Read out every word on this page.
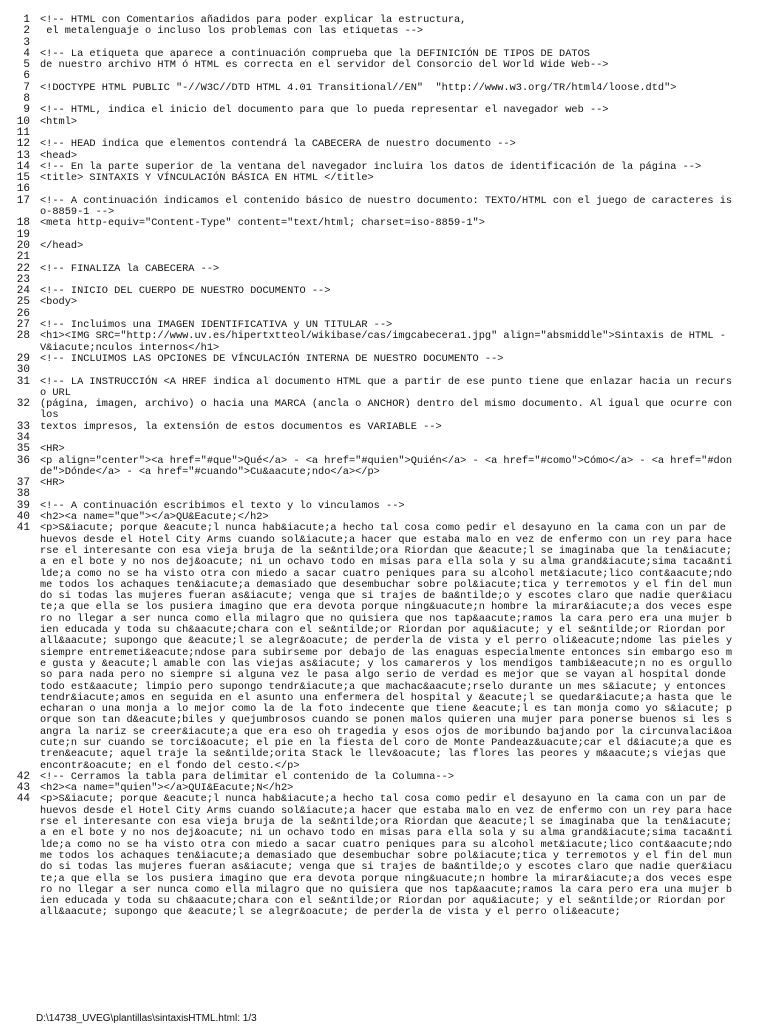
1 <!-- HTML con Comentarios añadidos para poder explicar la estructura,
2 el metalenguaje o incluso los problemas con las etiquetas -->
3
4 <!-- La etiqueta que aparece a continuación comprueba que la DEFINICIÓN DE TIPOS DE DATOS
5 de nuestro archivo HTM ó HTML es correcta en el servidor del Consorcio del World Wide Web-->
6
7 <!DOCTYPE HTML PUBLIC "-//W3C//DTD HTML 4.01 Transitional//EN"  "http://www.w3.org/TR/html4/loose.dtd">
8
9 <!-- HTML, indica el inicio del documento para que lo pueda representar el navegador web -->
10 <html>
11
12 <!-- HEAD indica que elementos contendrá la CABECERA de nuestro documento -->
13 <head>
14 <!-- En la parte superior de la ventana del navegador incluira los datos de identificación de la página -->
15 <title> SINTAXIS Y VÍNCULACIÓN BÁSICA EN HTML </title>
16
17 <!-- A continuación indicamos el contenido básico de nuestro documento: TEXTO/HTML con el juego de caracteres iso-8859-1 -->
18 <meta http-equiv="Content-Type" content="text/html; charset=iso-8859-1">
19
20 </head>
21
22 <!-- FINALIZA la CABECERA -->
23
24 <!-- INICIO DEL CUERPO DE NUESTRO DOCUMENTO -->
25 <body>
26
27 <!-- Incluimos una IMAGEN IDENTIFICATIVA y UN TITULAR -->
28 <h1><IMG SRC="http://www.uv.es/hipertxtteol/wikibase/cas/imgcabecera1.jpg" align="absmiddle">Sintaxis de HTML - V&iacute;nculos internos</h1>
29 <!-- INCLUIMOS LAS OPCIONES DE VÍNCULACIÓN INTERNA DE NUESTRO DOCUMENTO -->
30
31 <!-- LA INSTRUCCIÓN <A HREF indica al documento HTML que a partir de ese punto tiene que enlazar hacia un recurso URL
32 (página, imagen, archivo) o hacia una MARCA (ancla o ANCHOR) dentro del mismo documento. Al igual que ocurre con los
33 textos impresos, la extensión de estos documentos es VARIABLE -->
34
35 <HR>
36 <p align="center"><a href="#que">Qué</a> - <a href="#quien">Quién</a> - <a href="#como">Cómo</a> - <a href="#donde">Dónde</a> - <a href="#cuando">Cu&aacute;ndo</a></p>
37 <HR>
38
39 <!-- A continuación escribimos el texto y lo vinculamos -->
40 <h2><a name="que"></a>QU&Eacute;</h2>
41 <p>S&iacute; porque &eacute;l nunca hab&iacute;a hecho tal cosa como pedir el desayuno en la cama con un par de huevos desde el Hotel City Arms cuando sol&iacute;a hacer que estaba malo en vez de enfermo con un rey para hacerse el interesante con esa vieja bruja de la se&ntilde;ora Riordan que &eacute;l se imaginaba que la ten&iacute;a en el bote y no nos dej&oacute; ni un ochavo todo en misas para ella sola y su alma grand&iacute;sima taca&ntilde;a como no se ha visto otra con miedo a sacar cuatro peniques para su alcohol met&iacute;lico cont&aacute;ndome todos los achaques ten&iacute;a demasiado que desembuchar sobre pol&iacute;tica y terremotos y el fin del mundo si todas las mujeres fueran as&iacute; venga que si trajes de ba&ntilde;o y escotes claro que nadie quer&iacute;a que ella se los pusiera imagino que era devota porque ning&uacute;n hombre la mirar&iacute;a dos veces espero no llegar a ser nunca como ella milagro que no quisiera que nos tap&aacute;ramos la cara pero era una mujer bien educada y toda su ch&aacute;chara con el se&ntilde;or Riordan por aqu&iacute; y el se&ntilde;or Riordan por all&aacute; supongo que &eacute;l se alegr&oacute; de perderla de vista y el perro oli&eacute;ndome las pieles y siempre entremeti&eacute;ndose para subirseme por debajo de las enaguas especialmente entonces sin embargo eso me gusta y &eacute;l amable con las viejas as&iacute; y los camareros y los mendigos tambi&eacute;n no es orgulloso para nada pero no siempre si alguna vez le pasa algo serio de verdad es mejor que se vayan al hospital donde todo est&aacute; limpio pero supongo tendr&iacute;a que machac&aacute;rselo durante un mes s&iacute; y entonces tendr&iacute;amos en seguida en el asunto una enfermera del hospital y &eacute;l se quedar&iacute;a hasta que le echaran o una monja a lo mejor como la de la foto indecente que tiene &eacute;l es tan monja como yo s&iacute; porque son tan d&eacute;biles y quejumbrosos cuando se ponen malos quieren una mujer para ponerse buenos si les sangra la nariz se creer&iacute;a que era eso oh tragedia y esos ojos de moribundo bajando por la circunvalaci&oacute;n sur cuando se torci&oacute; el pie en la fiesta del coro de Monte Pandeaz&uacute;car el d&iacute;a que estren&eacute; aquel traje la se&ntilde;orita Stack le llev&oacute; las flores las peores y m&aacute;s viejas que encontr&oacute; en el fondo del cesto.</p>
42 <!-- Cerramos la tabla para delimitar el contenido de la Columna-->
43 <h2><a name="quien"></a>QUI&Eacute;N</h2>
44 <p>S&iacute; porque &eacute;l nunca hab&iacute;a hecho tal cosa como pedir el desayuno en la cama con un par de huevos desde el Hotel City Arms cuando sol&iacute;a hacer que estaba malo en vez de enfermo con un rey para hacerse el interesante con esa vieja bruja de la se&ntilde;ora Riordan que &eacute;l se imaginaba que la ten&iacute;a en el bote y no nos dej&oacute; ni un ochavo todo en misas para ella sola y su alma grand&iacute;sima taca&ntilde;a como no se ha visto otra con miedo a sacar cuatro peniques para su alcohol met&iacute;lico cont&aacute;ndome todos los achaques ten&iacute;a demasiado que desembuchar sobre pol&iacute;tica y terremotos y el fin del mundo si todas las mujeres fueran as&iacute; venga que si trajes de ba&ntilde;o y escotes claro que nadie quer&iacute;a que ella se los pusiera imagino que era devota porque ning&uacute;n hombre la mirar&iacute;a dos veces espero no llegar a ser nunca como ella milagro que no quisiera que nos tap&aacute;ramos la cara pero era una mujer bien educada y toda su ch&aacute;chara con el se&ntilde;or Riordan por aqu&iacute; y el se&ntilde;or Riordan por all&aacute; supongo que &eacute;l se alegr&oacute; de perderla de vista y el perro oli&eacute;
D:\14738_UVEG\plantillas\sintaxisHTML.html: 1/3
